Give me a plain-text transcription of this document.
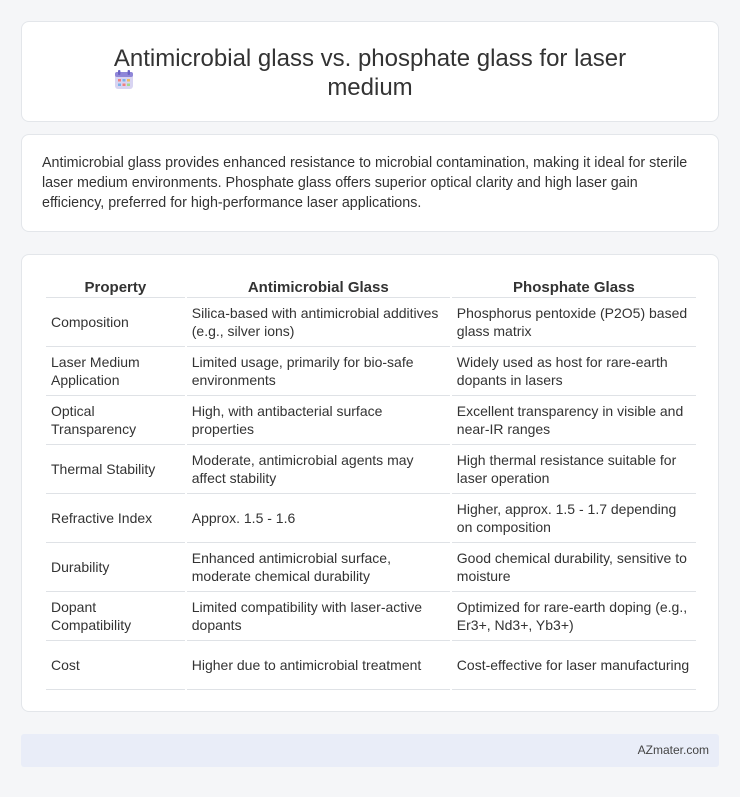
Antimicrobial glass vs. phosphate glass for laser
medium

Antimicrobial glass provides enhanced resistance to microbial contamination, making it ideal for sterile laser medium environments. Phosphate glass offers superior optical clarity and high laser gain efficiency, preferred for high-performance laser applications.

Property	Antimicrobial Glass	Phosphate Glass
Composition	Silica-based with antimicrobial additives (e.g., silver ions)	Phosphorus pentoxide (P2O5) based glass matrix
Laser Medium Application	Limited usage, primarily for bio-safe environments	Widely used as host for rare-earth dopants in lasers
Optical Transparency	High, with antibacterial surface properties	Excellent transparency in visible and near-IR ranges
Thermal Stability	Moderate, antimicrobial agents may affect stability	High thermal resistance suitable for laser operation
Refractive Index	Approx. 1.5 - 1.6	Higher, approx. 1.5 - 1.7 depending on composition
Durability	Enhanced antimicrobial surface, moderate chemical durability	Good chemical durability, sensitive to moisture
Dopant Compatibility	Limited compatibility with laser-active dopants	Optimized for rare-earth doping (e.g., Er3+, Nd3+, Yb3+)
Cost	Higher due to antimicrobial treatment	Cost-effective for laser manufacturing
AZmater.com
